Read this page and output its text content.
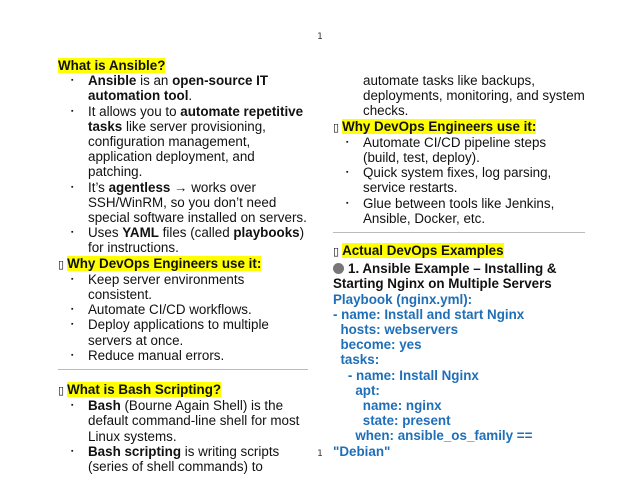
1
What is Ansible?
▪ Ansible is an open-source IT automation tool.
▪ It allows you to automate repetitive tasks like server provisioning, configuration management, application deployment, and patching.
▪ It’s agentless → works over SSH/WinRM, so you don’t need special software installed on servers.
▪ Uses YAML files (called playbooks) for instructions.
▯ Why DevOps Engineers use it:
▪ Keep server environments consistent.
▪ Automate CI/CD workflows.
▪ Deploy applications to multiple servers at once.
▪ Reduce manual errors.
▯ What is Bash Scripting?
▪ Bash (Bourne Again Shell) is the default command-line shell for most Linux systems.
▪ Bash scripting is writing scripts (series of shell commands) to
automate tasks like backups, deployments, monitoring, and system checks.
▯ Why DevOps Engineers use it:
▪ Automate CI/CD pipeline steps (build, test, deploy).
▪ Quick system fixes, log parsing, service restarts.
▪ Glue between tools like Jenkins, Ansible, Docker, etc.
▯ Actual DevOps Examples
1. Ansible Example – Installing & Starting Nginx on Multiple Servers
Playbook (nginx.yml):
- name: Install and start Nginx
hosts: webservers
become: yes
tasks:
- name: Install Nginx
apt:
name: nginx
state: present
when: ansible_os_family ==
"Debian"
1
